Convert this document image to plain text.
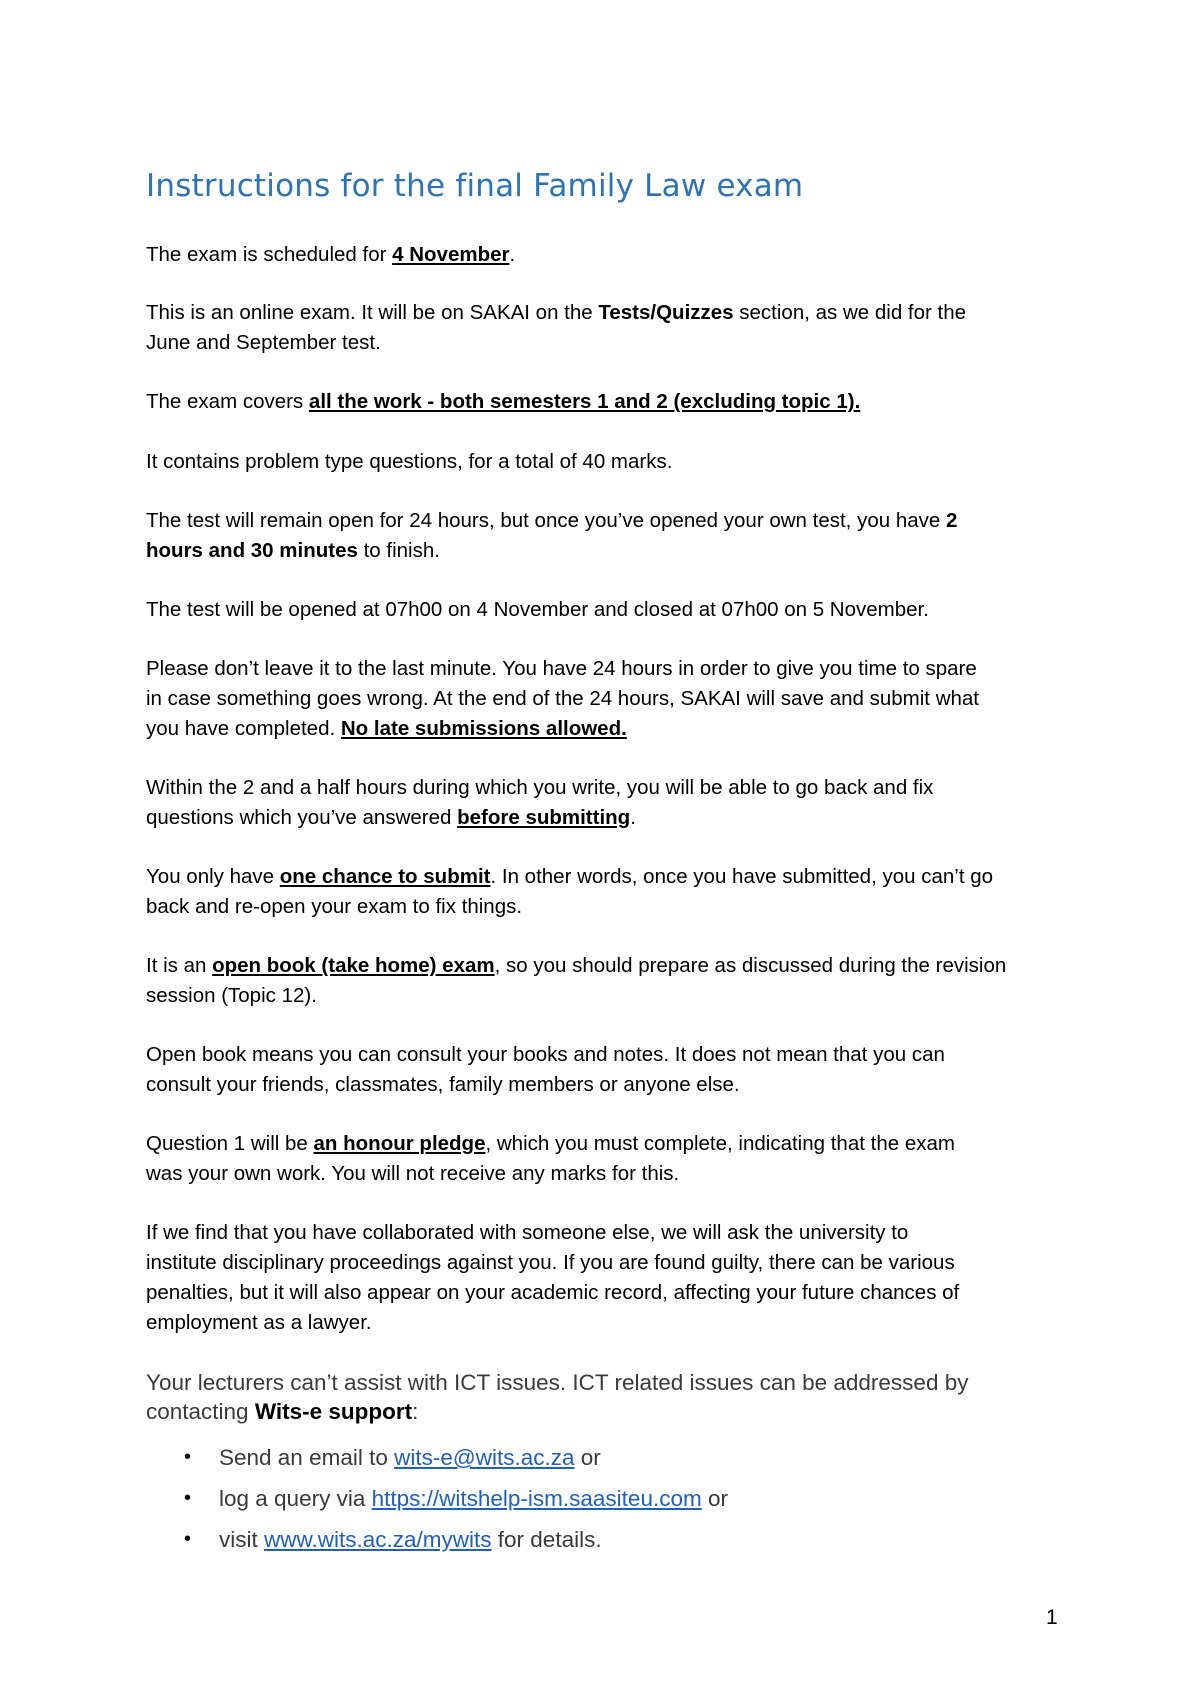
Instructions for the final Family Law exam

The exam is scheduled for 4 November.

This is an online exam. It will be on SAKAI on the Tests/Quizzes section, as we did for the
June and September test.

The exam covers all the work - both semesters 1 and 2 (excluding topic 1).

It contains problem type questions, for a total of 40 marks.

The test will remain open for 24 hours, but once you’ve opened your own test, you have 2
hours and 30 minutes to finish.

The test will be opened at 07h00 on 4 November and closed at 07h00 on 5 November.

Please don’t leave it to the last minute. You have 24 hours in order to give you time to spare
in case something goes wrong. At the end of the 24 hours, SAKAI will save and submit what
you have completed. No late submissions allowed.

Within the 2 and a half hours during which you write, you will be able to go back and fix
questions which you’ve answered before submitting.

You only have one chance to submit. In other words, once you have submitted, you can’t go
back and re-open your exam to fix things.

It is an open book (take home) exam, so you should prepare as discussed during the revision
session (Topic 12).

Open book means you can consult your books and notes. It does not mean that you can
consult your friends, classmates, family members or anyone else.

Question 1 will be an honour pledge, which you must complete, indicating that the exam
was your own work. You will not receive any marks for this.

If we find that you have collaborated with someone else, we will ask the university to
institute disciplinary proceedings against you. If you are found guilty, there can be various
penalties, but it will also appear on your academic record, affecting your future chances of
employment as a lawyer.

Your lecturers can’t assist with ICT issues. ICT related issues can be addressed by
contacting Wits-e support:

• Send an email to wits-e@wits.ac.za or
• log a query via https://witshelp-ism.saasiteu.com or
• visit www.wits.ac.za/mywits for details.
1
